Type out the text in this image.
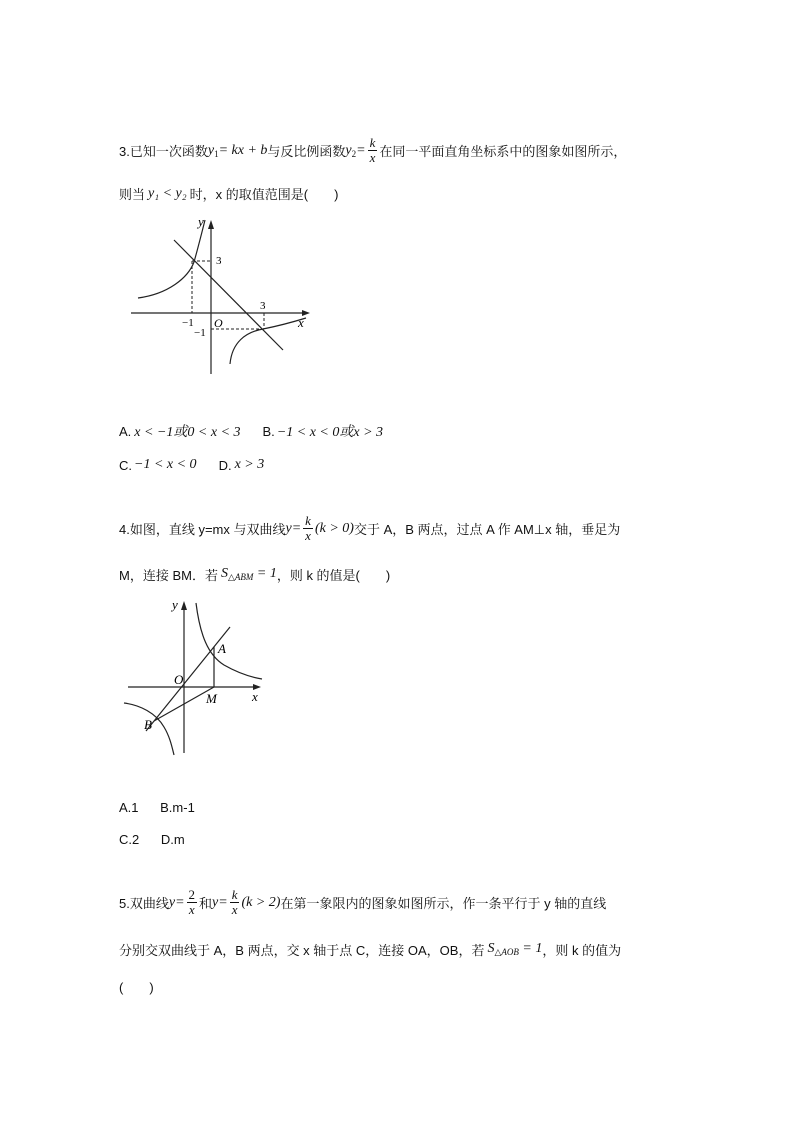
3.已知一次函数 $y_1$ = kx + b 与反比例函数 $y_2 = \frac{k}{x}$ 在同一平面直角坐标系中的图象如图所示，
则当 y₁ < y₂ 时，x 的取值范围是(　　)
y
x
O
3
−1
3
−1
A. x < −1或0 < x < 3 B. −1 < x < 0或x > 3
C. −1 < x < 0 D. x > 3
4.如图，直线 y=mx 与双曲线 $y = \frac{k}{x} (k > 0)$ 交于 A，B 两点，过点 A 作 AM⊥x 轴，垂足为
M，连接 BM．若 $S_{\triangle ABM} = 1$ ，则 k 的值是(　　)
y
x
O
A
M
B
A.1 B.m-1
C.2 D.m
5.双曲线 $y = \frac{2}{x}$ 和 $y = \frac{k}{x} (k > 2)$ 在第一象限内的图象如图所示，作一条平行于 y 轴的直线
分别交双曲线于 A，B 两点，交 x 轴于点 C，连接 OA，OB，若 $S_{\triangle AOB} = 1$ ，则 k 的值为
(　　)
